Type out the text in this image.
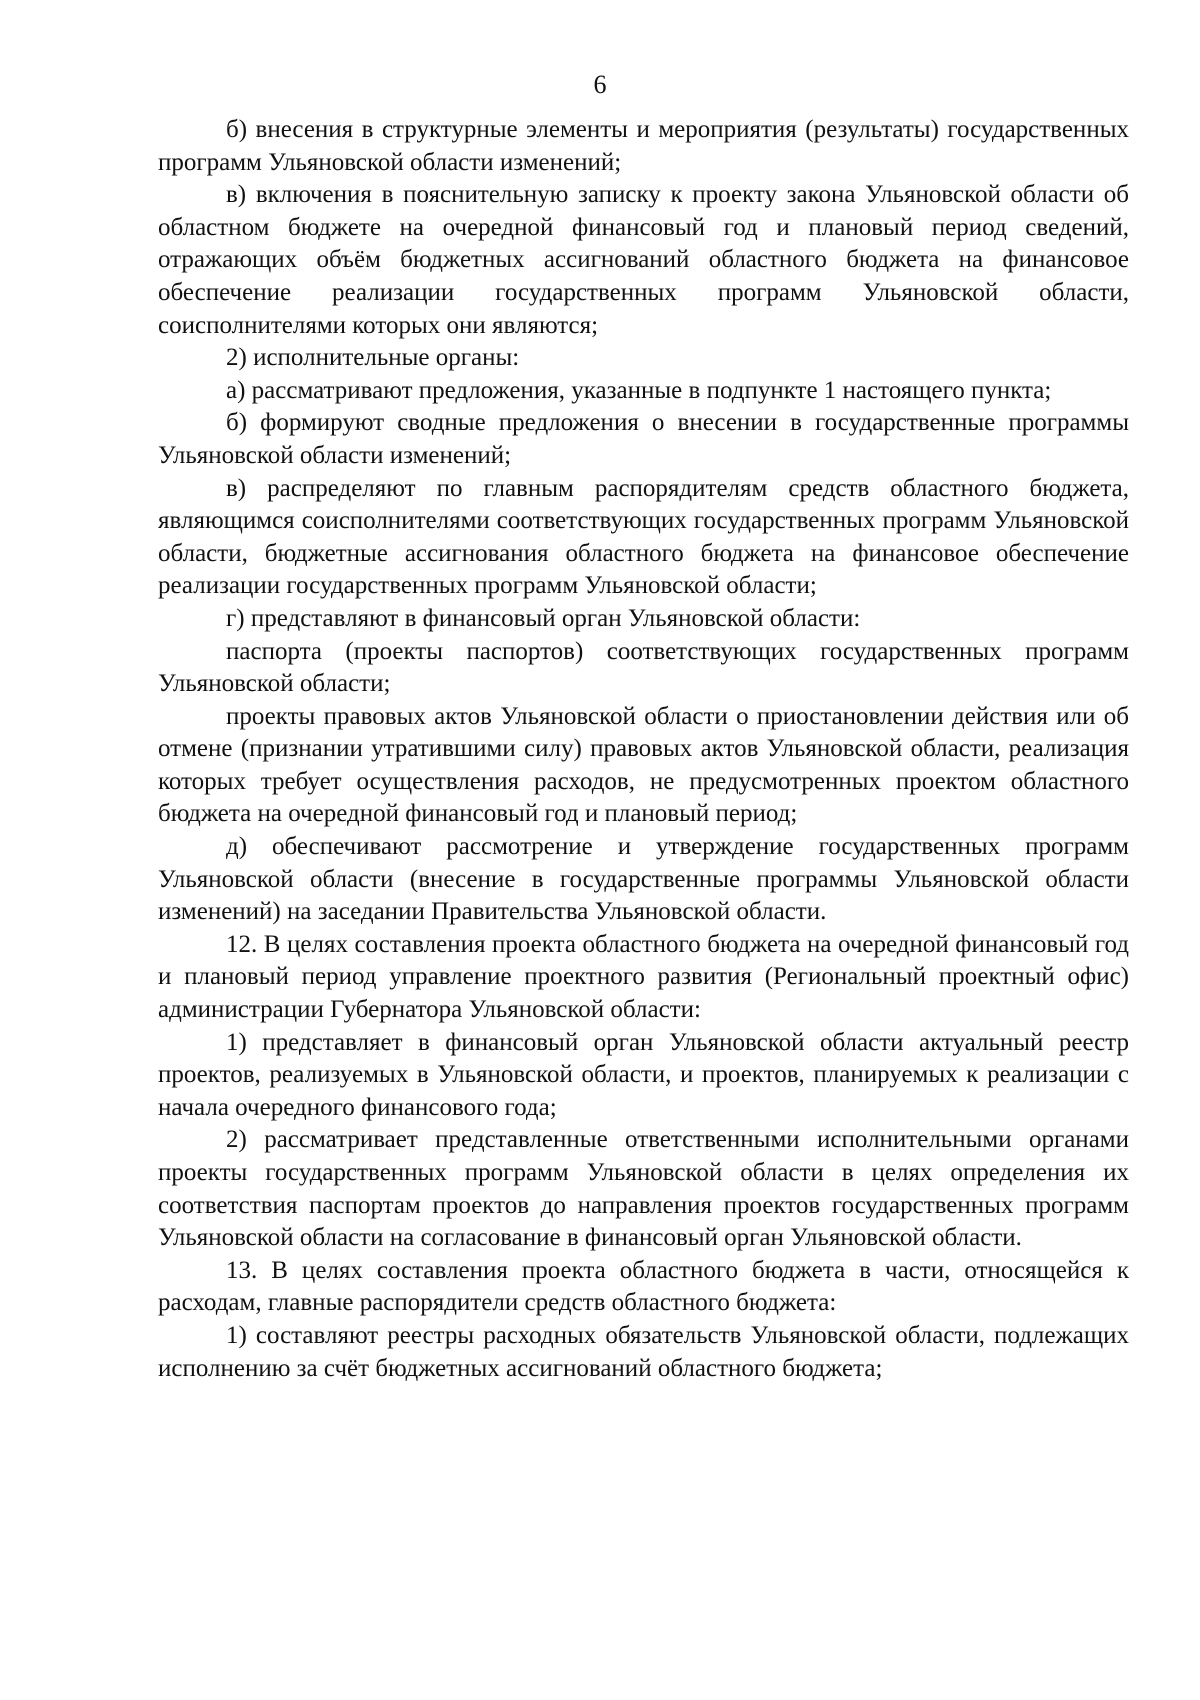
6

б) внесения в структурные элементы и мероприятия (результаты) государственных программ Ульяновской области изменений;

в) включения в пояснительную записку к проекту закона Ульяновской области об областном бюджете на очередной финансовый год и плановый период сведений, отражающих объём бюджетных ассигнований областного бюджета на финансовое обеспечение реализации государственных программ Ульяновской области, соисполнителями которых они являются;

2) исполнительные органы:

а) рассматривают предложения, указанные в подпункте 1 настоящего пункта;

б) формируют сводные предложения о внесении в государственные программы Ульяновской области изменений;

в) распределяют по главным распорядителям средств областного бюджета, являющимся соисполнителями соответствующих государственных программ Ульяновской области, бюджетные ассигнования областного бюджета на финансовое обеспечение реализации государственных программ Ульяновской области;

г) представляют в финансовый орган Ульяновской области:

паспорта (проекты паспортов) соответствующих государственных программ Ульяновской области;

проекты правовых актов Ульяновской области о приостановлении действия или об отмене (признании утратившими силу) правовых актов Ульяновской области, реализация которых требует осуществления расходов, не предусмотренных проектом областного бюджета на очередной финансовый год и плановый период;

д) обеспечивают рассмотрение и утверждение государственных программ Ульяновской области (внесение в государственные программы Ульяновской области изменений) на заседании Правительства Ульяновской области.

12. В целях составления проекта областного бюджета на очередной финансовый год и плановый период управление проектного развития (Региональный проектный офис) администрации Губернатора Ульяновской области:

1) представляет в финансовый орган Ульяновской области актуальный реестр проектов, реализуемых в Ульяновской области, и проектов, планируемых к реализации с начала очередного финансового года;

2) рассматривает представленные ответственными исполнительными органами проекты государственных программ Ульяновской области в целях определения их соответствия паспортам проектов до направления проектов государственных программ Ульяновской области на согласование в финансовый орган Ульяновской области.

13. В целях составления проекта областного бюджета в части, относящейся к расходам, главные распорядители средств областного бюджета:

1) составляют реестры расходных обязательств Ульяновской области, подлежащих исполнению за счёт бюджетных ассигнований областного бюджета;
